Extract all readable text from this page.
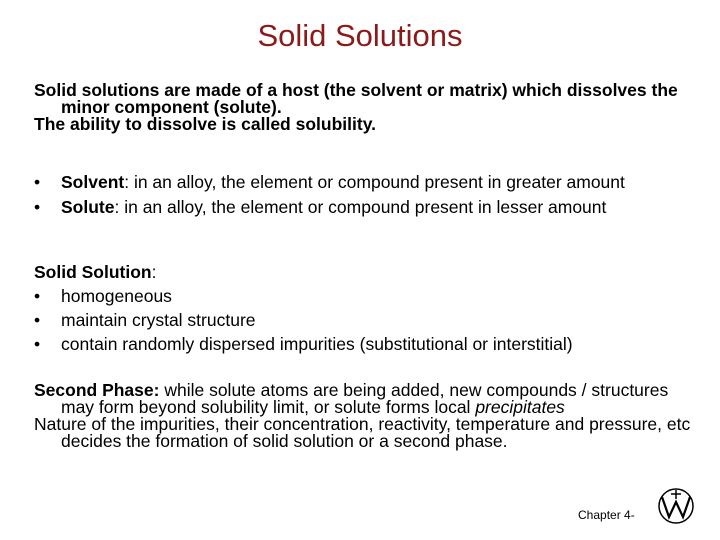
Solid Solutions
Solid solutions are made of a host (the solvent or matrix) which dissolves the minor component (solute).
The ability to dissolve is called solubility.
• Solvent: in an alloy, the element or compound present in greater amount
• Solute: in an alloy, the element or compound present in lesser amount
Solid Solution:
• homogeneous
• maintain crystal structure
• contain randomly dispersed impurities (substitutional or interstitial)
Second Phase: while solute atoms are being added, new compounds / structures may form beyond solubility limit, or solute forms local precipitates
Nature of the impurities, their concentration, reactivity, temperature and pressure, etc decides the formation of solid solution or a second phase.
Chapter 4-
